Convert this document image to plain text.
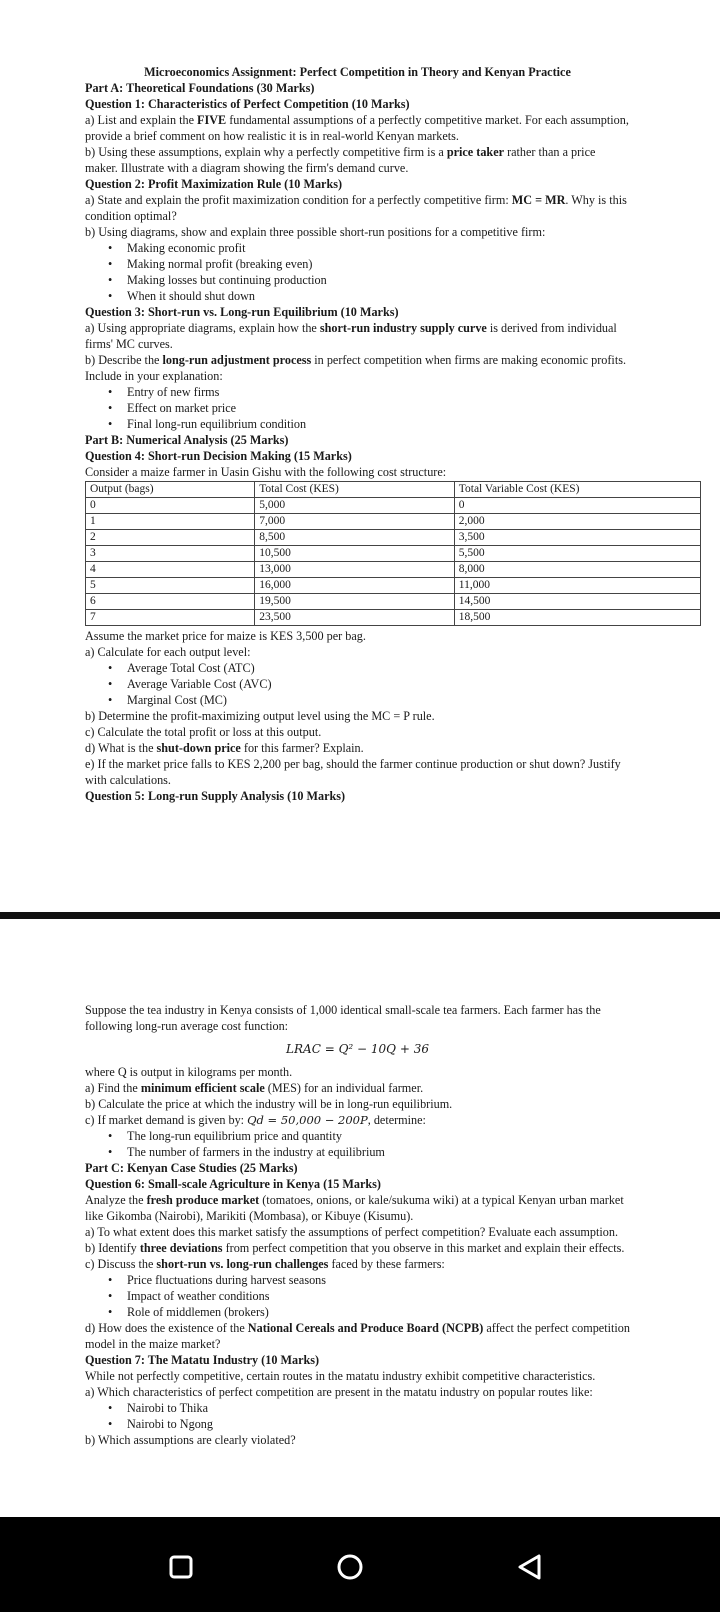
Microeconomics Assignment: Perfect Competition in Theory and Kenyan Practice

Part A: Theoretical Foundations (30 Marks)

Question 1: Characteristics of Perfect Competition (10 Marks)

a) List and explain the FIVE fundamental assumptions of a perfectly competitive market. For each assumption, provide a brief comment on how realistic it is in real-world Kenyan markets.

b) Using these assumptions, explain why a perfectly competitive firm is a price taker rather than a price maker. Illustrate with a diagram showing the firm's demand curve.

Question 2: Profit Maximization Rule (10 Marks)

a) State and explain the profit maximization condition for a perfectly competitive firm: MC = MR. Why is this condition optimal?

b) Using diagrams, show and explain three possible short-run positions for a competitive firm:

• Making economic profit

• Making normal profit (breaking even)

• Making losses but continuing production

• When it should shut down

Question 3: Short-run vs. Long-run Equilibrium (10 Marks)

a) Using appropriate diagrams, explain how the short-run industry supply curve is derived from individual firms' MC curves.

b) Describe the long-run adjustment process in perfect competition when firms are making economic profits. Include in your explanation:

• Entry of new firms

• Effect on market price

• Final long-run equilibrium condition

Part B: Numerical Analysis (25 Marks)

Question 4: Short-run Decision Making (15 Marks)

Consider a maize farmer in Uasin Gishu with the following cost structure:

Output (bags)	Total Cost (KES)	Total Variable Cost (KES)
0	5,000	0
1	7,000	2,000
2	8,500	3,500
3	10,500	5,500
4	13,000	8,000
5	16,000	11,000
6	19,500	14,500
7	23,500	18,500

Assume the market price for maize is KES 3,500 per bag.

a) Calculate for each output level:

• Average Total Cost (ATC)

• Average Variable Cost (AVC)

• Marginal Cost (MC)

b) Determine the profit-maximizing output level using the MC = P rule.

c) Calculate the total profit or loss at this output.

d) What is the shut-down price for this farmer? Explain.

e) If the market price falls to KES 2,200 per bag, should the farmer continue production or shut down? Justify with calculations.

Question 5: Long-run Supply Analysis (10 Marks)

Suppose the tea industry in Kenya consists of 1,000 identical small-scale tea farmers. Each farmer has the following long-run average cost function:

LRAC = Q² − 10Q + 36

where Q is output in kilograms per month.

a) Find the minimum efficient scale (MES) for an individual farmer.

b) Calculate the price at which the industry will be in long-run equilibrium.

c) If market demand is given by: Qd = 50,000 − 200P, determine:

• The long-run equilibrium price and quantity

• The number of farmers in the industry at equilibrium

Part C: Kenyan Case Studies (25 Marks)

Question 6: Small-scale Agriculture in Kenya (15 Marks)

Analyze the fresh produce market (tomatoes, onions, or kale/sukuma wiki) at a typical Kenyan urban market like Gikomba (Nairobi), Marikiti (Mombasa), or Kibuye (Kisumu).

a) To what extent does this market satisfy the assumptions of perfect competition? Evaluate each assumption.

b) Identify three deviations from perfect competition that you observe in this market and explain their effects.

c) Discuss the short-run vs. long-run challenges faced by these farmers:

• Price fluctuations during harvest seasons

• Impact of weather conditions

• Role of middlemen (brokers)

d) How does the existence of the National Cereals and Produce Board (NCPB) affect the perfect competition model in the maize market?

Question 7: The Matatu Industry (10 Marks)

While not perfectly competitive, certain routes in the matatu industry exhibit competitive characteristics.

a) Which characteristics of perfect competition are present in the matatu industry on popular routes like:

• Nairobi to Thika

• Nairobi to Ngong

b) Which assumptions are clearly violated?
